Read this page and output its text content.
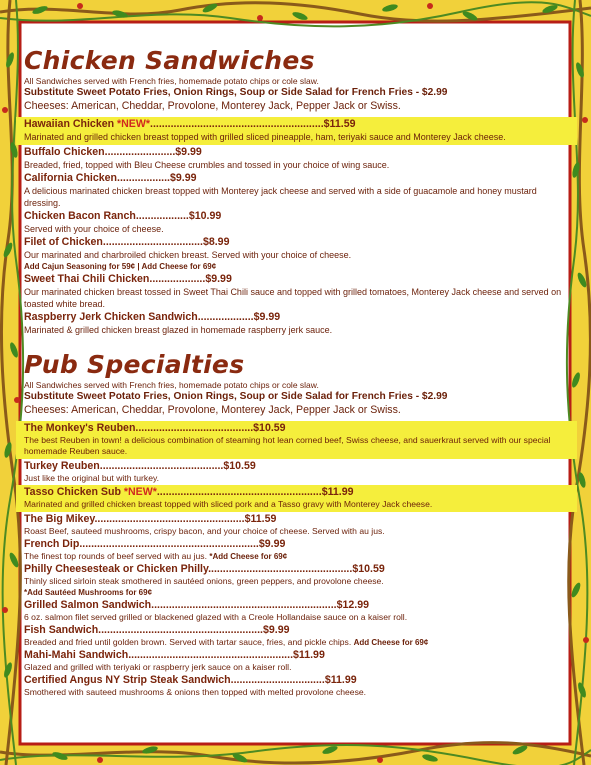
Chicken Sandwiches
All Sandwiches served with French fries, homemade potato chips or cole slaw.
Substitute Sweet Potato Fries, Onion Rings, Soup or Side Salad for French Fries - $2.99
Cheeses: American, Cheddar, Provolone, Monterey Jack, Pepper Jack or Swiss.
Hawaiian Chicken *NEW*...........................................................$11.59
Marinated and grilled chicken breast topped with grilled sliced pineapple, ham, teriyaki sauce and Monterey Jack cheese.
Buffalo Chicken........................$9.99
Breaded, fried, topped with Bleu Cheese crumbles and tossed in your choice of wing sauce.
California Chicken..................$9.99
A delicious marinated chicken breast topped with Monterey jack cheese and served with a side of guacamole and honey mustard dressing.
Chicken Bacon Ranch..................$10.99
Served with your choice of cheese.
Filet of Chicken..................................$8.99
Our marinated and charbroiled chicken breast. Served with your choice of cheese.
Add Cajun Seasoning for 59¢ | Add Cheese for 69¢
Sweet Thai Chili Chicken...................$9.99
Our marinated chicken breast tossed in Sweet Thai Chili sauce and topped with grilled tomatoes, Monterey Jack cheese and served on toasted white bread.
Raspberry Jerk Chicken Sandwich...................$9.99
Marinated & grilled chicken breast glazed in homemade raspberry jerk sauce.
Pub Specialties
All Sandwiches served with French fries, homemade potato chips or cole slaw.
Substitute Sweet Potato Fries, Onion Rings, Soup or Side Salad for French Fries - $2.99
Cheeses: American, Cheddar, Provolone, Monterey Jack, Pepper Jack or Swiss.
The Monkey's Reuben........................................$10.59
The best Reuben in town! a delicious combination of steaming hot lean corned beef, Swiss cheese, and sauerkraut served with our special homemade Reuben sauce.
Turkey Reuben..........................................$10.59
Just like the original but with turkey.
Tasso Chicken Sub *NEW*........................................................$11.99
Marinated and grilled chicken breast topped with sliced pork and a Tasso gravy with Monterey Jack cheese.
The Big Mikey...................................................$11.59
Roast Beef, sauteed mushrooms, crispy bacon, and your choice of cheese. Served with au jus.
French Dip.............................................................$9.99
The finest top rounds of beef served with au jus. *Add Cheese for 69¢
Philly Cheesesteak or Chicken Philly.................................................$10.59
Thinly sliced sirloin steak smothered in sautéed onions, green peppers, and provolone cheese.
*Add Sautéed Mushrooms for 69¢
Grilled Salmon Sandwich...............................................................$12.99
6 oz. salmon filet served grilled or blackened glazed with a Creole Hollandaise sauce on a kaiser roll.
Fish Sandwich........................................................$9.99
Breaded and fried until golden brown. Served with tartar sauce, fries, and pickle chips. Add Cheese for 69¢
Mahi-Mahi Sandwich........................................................$11.99
Glazed and grilled with teriyaki or raspberry jerk sauce on a kaiser roll.
Certified Angus NY Strip Steak Sandwich................................$11.99
Smothered with sauteed mushrooms & onions then topped with melted provolone cheese.
